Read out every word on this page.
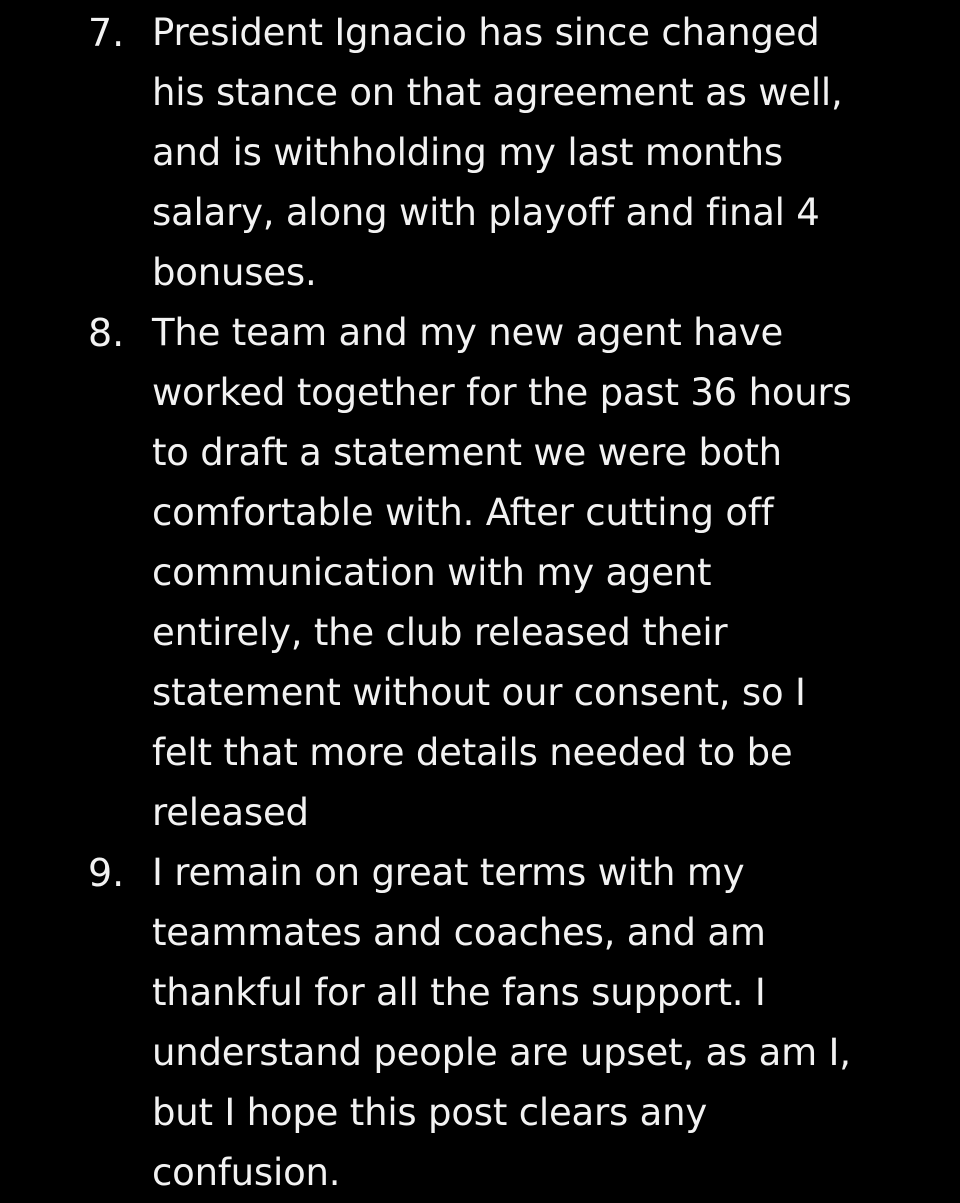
7. President Ignacio has since changed
his stance on that agreement as well,
and is withholding my last months
salary, along with playoff and final 4
bonuses.
8. The team and my new agent have
worked together for the past 36 hours
to draft a statement we were both
comfortable with. After cutting off
communication with my agent
entirely, the club released their
statement without our consent, so I
felt that more details needed to be
released
9. I remain on great terms with my
teammates and coaches, and am
thankful for all the fans support. I
understand people are upset, as am I,
but I hope this post clears any
confusion.
